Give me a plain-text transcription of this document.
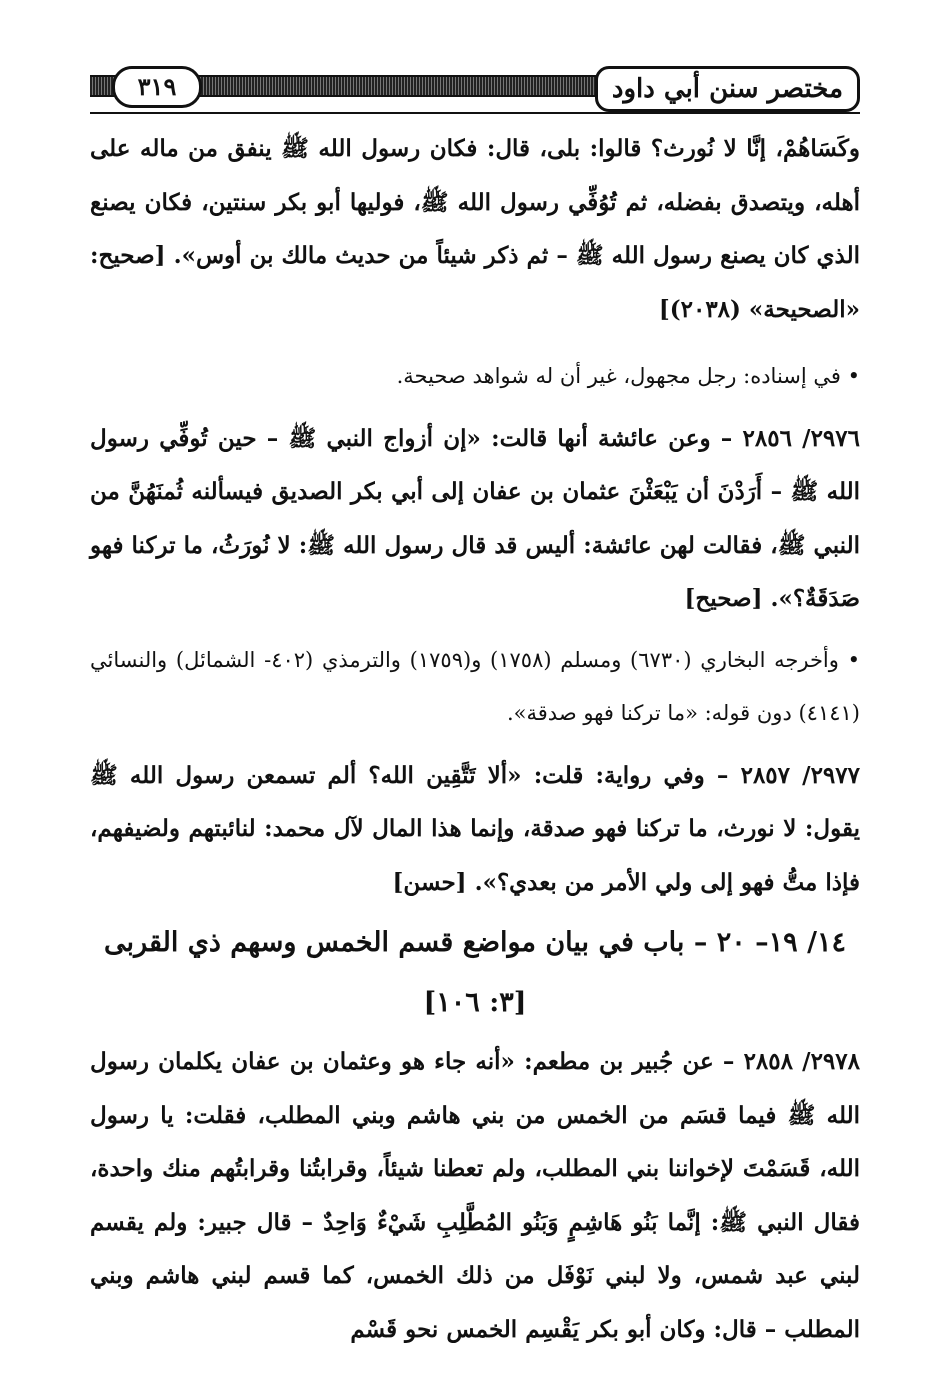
مختصر سنن أبي داود
٣١٩

وكَسَاهُمْ، إنَّا لا نُورث؟ قالوا: بلى، قال: فكان رسول الله ﷺ ينفق من ماله على أهله، ويتصدق بفضله، ثم تُوُفِّي رسول الله ﷺ، فوليها أبو بكر سنتين، فكان يصنع الذي كان يصنع رسول الله ﷺ – ثم ذكر شيئاً من حديث مالك بن أوس». [صحيح: «الصحيحة» (٢٠٣٨)]

• في إسناده: رجل مجهول، غير أن له شواهد صحيحة.

٢٩٧٦/ ٢٨٥٦ – وعن عائشة أنها قالت: «إن أزواج النبي ﷺ – حين تُوفِّي رسول الله ﷺ – أَرَدْنَ أن يَبْعَثْنَ عثمان بن عفان إلى أبي بكر الصديق فيسألنه ثُمنَهُنَّ من النبي ﷺ، فقالت لهن عائشة: أليس قد قال رسول الله ﷺ: لا نُورَثُ، ما تركنا فهو صَدَقَةٌ؟». [صحيح]

• وأخرجه البخاري (٦٧٣٠) ومسلم (١٧٥٨) و(١٧٥٩) والترمذي (٤٠٢- الشمائل) والنسائي (٤١٤١) دون قوله: «ما تركنا فهو صدقة».

٢٩٧٧/ ٢٨٥٧ – وفي رواية: قلت: «ألا تَتَّقِين الله؟ ألم تسمعن رسول الله ﷺ يقول: لا نورث، ما تركنا فهو صدقة، وإنما هذا المال لآل محمد: لنائبتهم ولضيفهم، فإذا متُّ فهو إلى ولي الأمر من بعدي؟». [حسن]

١٤/ ١٩– ٢٠ – باب في بيان مواضع قسم الخمس وسهم ذي القربى [٣: ١٠٦]

٢٩٧٨/ ٢٨٥٨ – عن جُبير بن مطعم: «أنه جاء هو وعثمان بن عفان يكلمان رسول الله ﷺ فيما قسَم من الخمس من بني هاشم وبني المطلب، فقلت: يا رسول الله، قَسَمْتَ لإخواننا بني المطلب، ولم تعطنا شيئاً، وقرابتُنا وقرابتُهم منك واحدة، فقال النبي ﷺ: إنَّما بَنُو هَاشِمٍ وَبَنُو المُطَّلِبِ شَيْءٌ وَاحِدٌ – قال جبير: ولم يقسم لبني عبد شمس، ولا لبني نَوْفَل من ذلك الخمس، كما قسم لبني هاشم وبني المطلب – قال: وكان أبو بكر يَقْسِم الخمس نحو قَسْم
